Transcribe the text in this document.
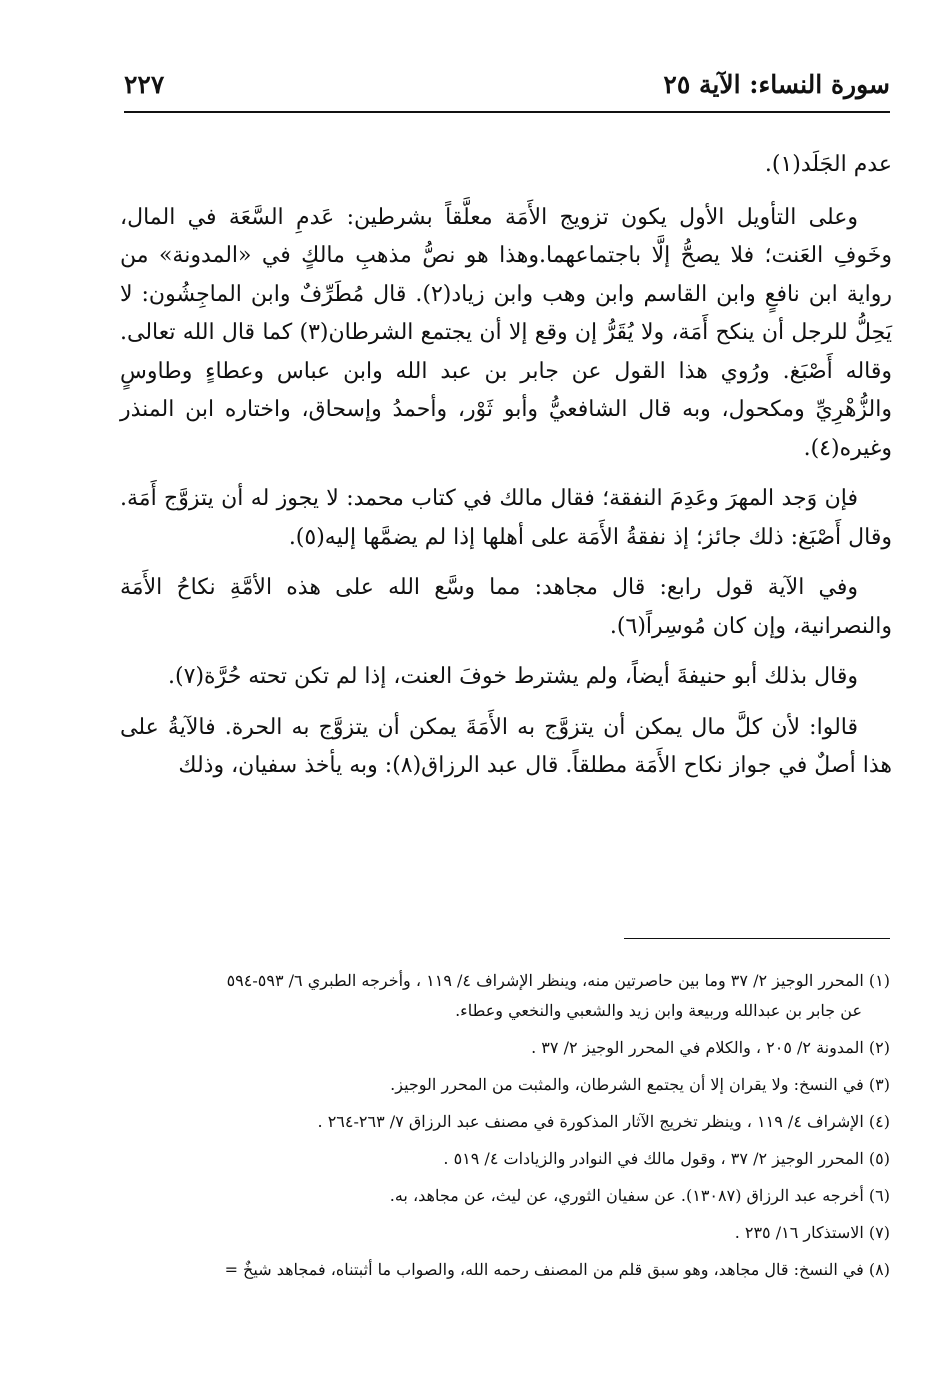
سورة النساء: الآية ٢٥
٢٢٧

عدم الجَلَد(١).

وعلى التأويل الأول يكون تزويج الأَمَة معلَّقاً بشرطين: عَدمِ السَّعَة في المال، وخَوفِ العَنت؛ فلا يصحُّ إلَّا باجتماعهما.وهذا هو نصُّ مذهبِ مالكٍ في «المدونة» من رواية ابن نافعٍ وابن القاسم وابن وهب وابن زياد(٢). قال مُطَرِّفٌ وابن الماجِشُون: لا يَحِلُّ للرجل أن ينكح أَمَة، ولا يُقَرُّ إن وقع إلا أن يجتمع الشرطان(٣) كما قال الله تعالى. وقاله أَصْبَغ. ورُوي هذا القول عن جابر بن عبد الله وابن عباس وعطاءٍ وطاوسٍ والزُّهْرِيِّ ومكحول، وبه قال الشافعيُّ وأبو ثَوْر، وأحمدُ وإسحاق، واختاره ابن المنذر وغيره(٤).

فإن وَجد المهرَ وعَدِمَ النفقة؛ فقال مالك في كتاب محمد: لا يجوز له أن يتزوَّج أَمَة. وقال أَصْبَغ: ذلك جائز؛ إذ نفقةُ الأَمَة على أهلها إذا لم يضمَّها إليه(٥).

وفي الآية قول رابع: قال مجاهد: مما وسَّع الله على هذه الأمَّةِ نكاحُ الأَمَة والنصرانية، وإن كان مُوسِراً(٦).

وقال بذلك أبو حنيفةَ أيضاً، ولم يشترط خوفَ العنت، إذا لم تكن تحته حُرَّة(٧).

قالوا: لأن كلَّ مال يمكن أن يتزوَّج به الأَمَةَ يمكن أن يتزوَّج به الحرة. فالآيةُ على هذا أصلٌ في جواز نكاح الأَمَة مطلقاً. قال عبد الرزاق(٨): وبه يأخذ سفيان، وذلك

(١) المحرر الوجيز ٢/ ٣٧ وما بين حاصرتين منه، وينظر الإشراف ٤/ ١١٩ ، وأخرجه الطبري ٦/ ٥٩٣-٥٩٤
عن جابر بن عبدالله وربيعة وابن زيد والشعبي والنخعي وعطاء.
(٢) المدونة ٢/ ٢٠٥ ، والكلام في المحرر الوجيز ٢/ ٣٧ .
(٣) في النسخ: ولا يقران إلا أن يجتمع الشرطان، والمثبت من المحرر الوجيز.
(٤) الإشراف ٤/ ١١٩ ، وينظر تخريج الآثار المذكورة في مصنف عبد الرزاق ٧/ ٢٦٣-٢٦٤ .
(٥) المحرر الوجيز ٢/ ٣٧ ، وقول مالك في النوادر والزيادات ٤/ ٥١٩ .
(٦) أخرجه عبد الرزاق (١٣٠٨٧). عن سفيان الثوري، عن ليث، عن مجاهد، به.
(٧) الاستذكار ١٦/ ٢٣٥ .
(٨) في النسخ: قال مجاهد، وهو سبق قلم من المصنف رحمه الله، والصواب ما أثبتناه، فمجاهد شيخٌ =
